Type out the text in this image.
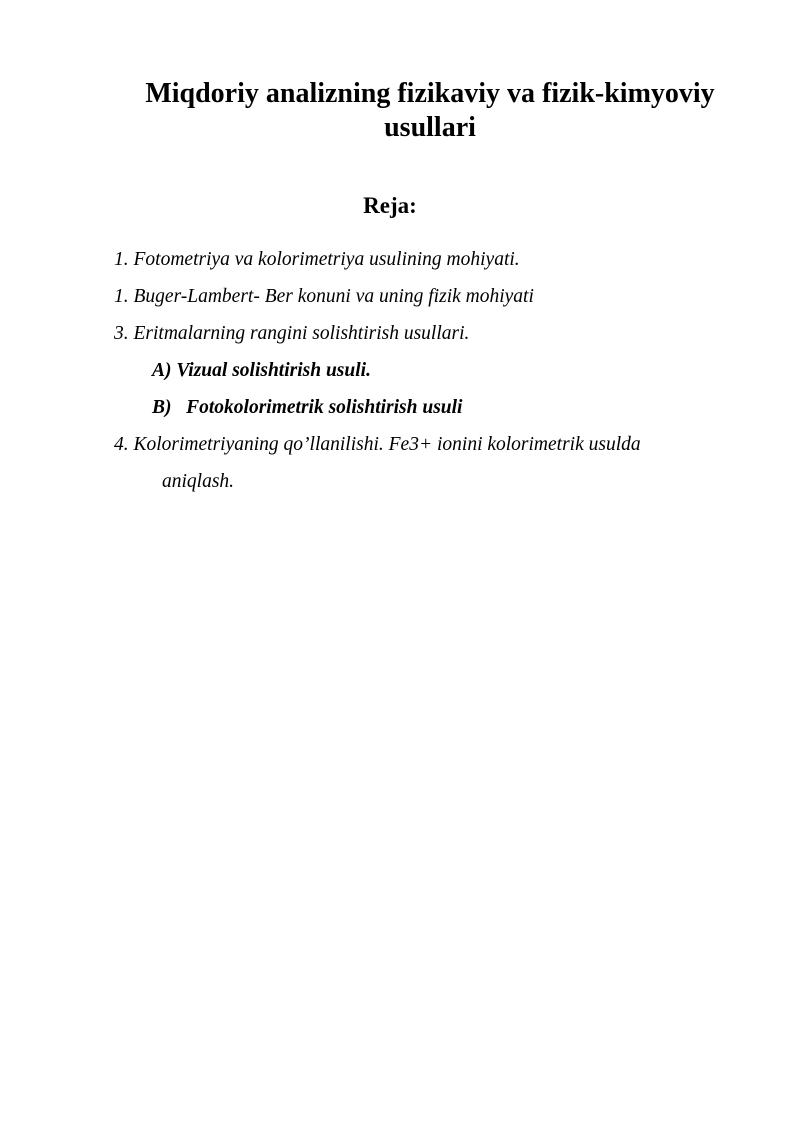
Miqdoriy analizning fizikaviy va fizik-kimyoviy
usullari
Reja:
1. Fotometriya va kolorimetriya usulining mohiyati.
1. Buger-Lambert- Ber konuni va uning fizik mohiyati
3. Eritmalarning rangini solishtirish usullari.
A) Vizual solishtirish usuli.
B)   Fotokolorimetrik solishtirish usuli
4. Kolorimetriyaning qo’llanilishi. Fe3+ ionini kolorimetrik usulda
aniqlash.
